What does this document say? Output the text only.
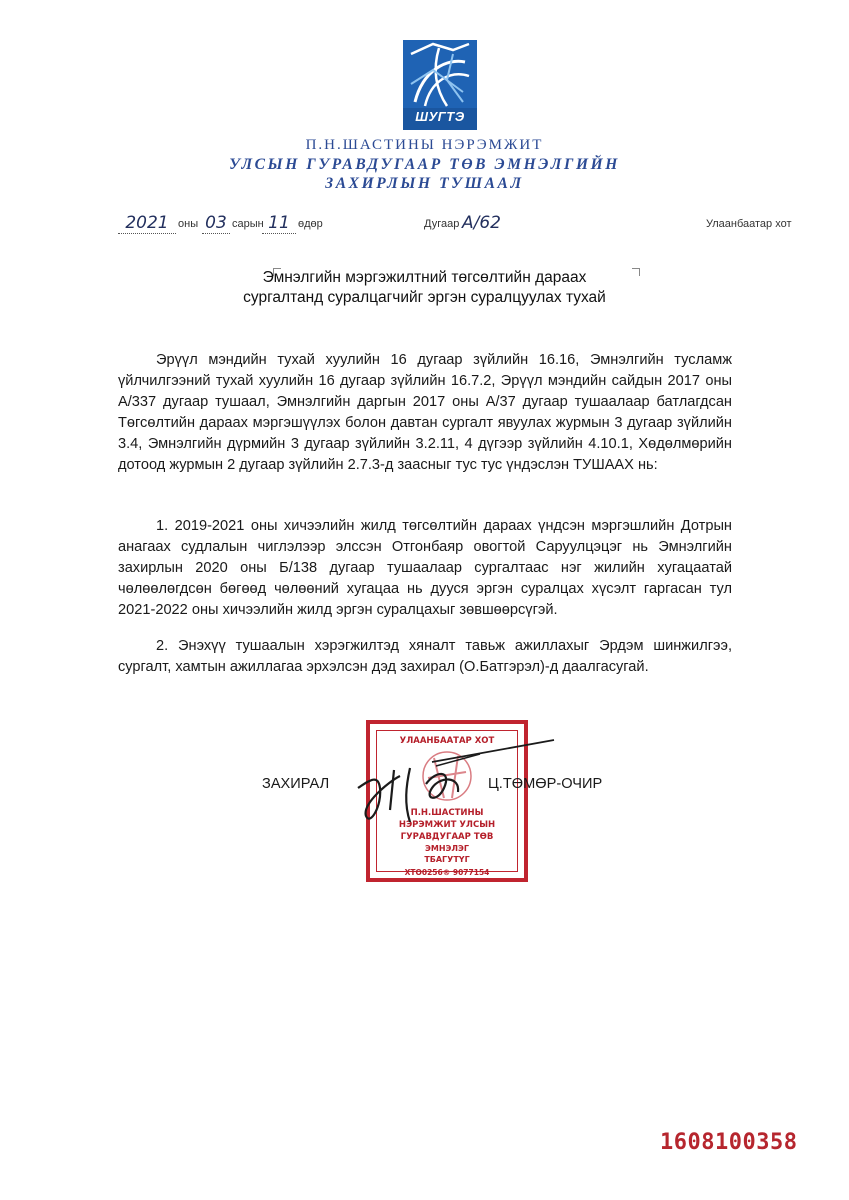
ШУГТЭ
П.Н.ШАСТИНЫ НЭРЭМЖИТ
УЛСЫН ГУРАВДУГААР ТӨВ ЭМНЭЛГИЙН
ЗАХИРЛЫН ТУШААЛ
2021 оны 03 сарын 11 өдөр	Дугаар А/62	Улаанбаатар хот
Эмнэлгийн мэргэжилтний төгсөлтийн дараах
сургалтанд суралцагчийг эргэн суралцуулах тухай
Эрүүл мэндийн тухай хуулийн 16 дугаар зүйлийн 16.16, Эмнэлгийн тусламж үйлчилгээний тухай хуулийн 16 дугаар зүйлийн 16.7.2, Эрүүл мэндийн сайдын 2017 оны А/337 дугаар тушаал, Эмнэлгийн даргын 2017 оны А/37 дугаар тушаалаар батлагдсан Төгсөлтийн дараах мэргэшүүлэх болон давтан сургалт явуулах журмын 3 дугаар зүйлийн 3.4, Эмнэлгийн дүрмийн 3 дугаар зүйлийн 3.2.11, 4 дүгээр зүйлийн 4.10.1, Хөдөлмөрийн дотоод журмын 2 дугаар зүйлийн 2.7.3-д заасныг тус тус үндэслэн ТУШААХ нь:
1. 2019-2021 оны хичээлийн жилд төгсөлтийн дараах үндсэн мэргэшлийн Дотрын анагаах судлалын чиглэлээр элссэн Отгонбаяр овогтой Саруулцэцэг нь Эмнэлгийн захирлын 2020 оны Б/138 дугаар тушаалаар сургалтаас нэг жилийн хугацаатай чөлөөлөгдсөн бөгөөд чөлөөний хугацаа нь дууся эргэн суралцах хүсэлт гаргасан тул 2021-2022 оны хичээлийн жилд эргэн суралцахыг зөвшөөрсүгэй.
2. Энэхүү тушаалын хэрэгжилтэд хяналт тавьж ажиллахыг Эрдэм шинжилгээ, сургалт, хамтын ажиллагаа эрхэлсэн дэд захирал (О.Батгэрэл)-д даалгасугай.
УЛААНБААТАР ХОТ
П.Н.ШАСТИНЫ
НЭРЭМЖИТ УЛСЫН
ГУРАВДУГААР ТӨВ
ЭМНЭЛЭГ
ТБАГУТҮГ
ХТО0256® 9077154
ЗАХИРАЛ	Ц.ТӨМӨР-ОЧИР
1608100358
